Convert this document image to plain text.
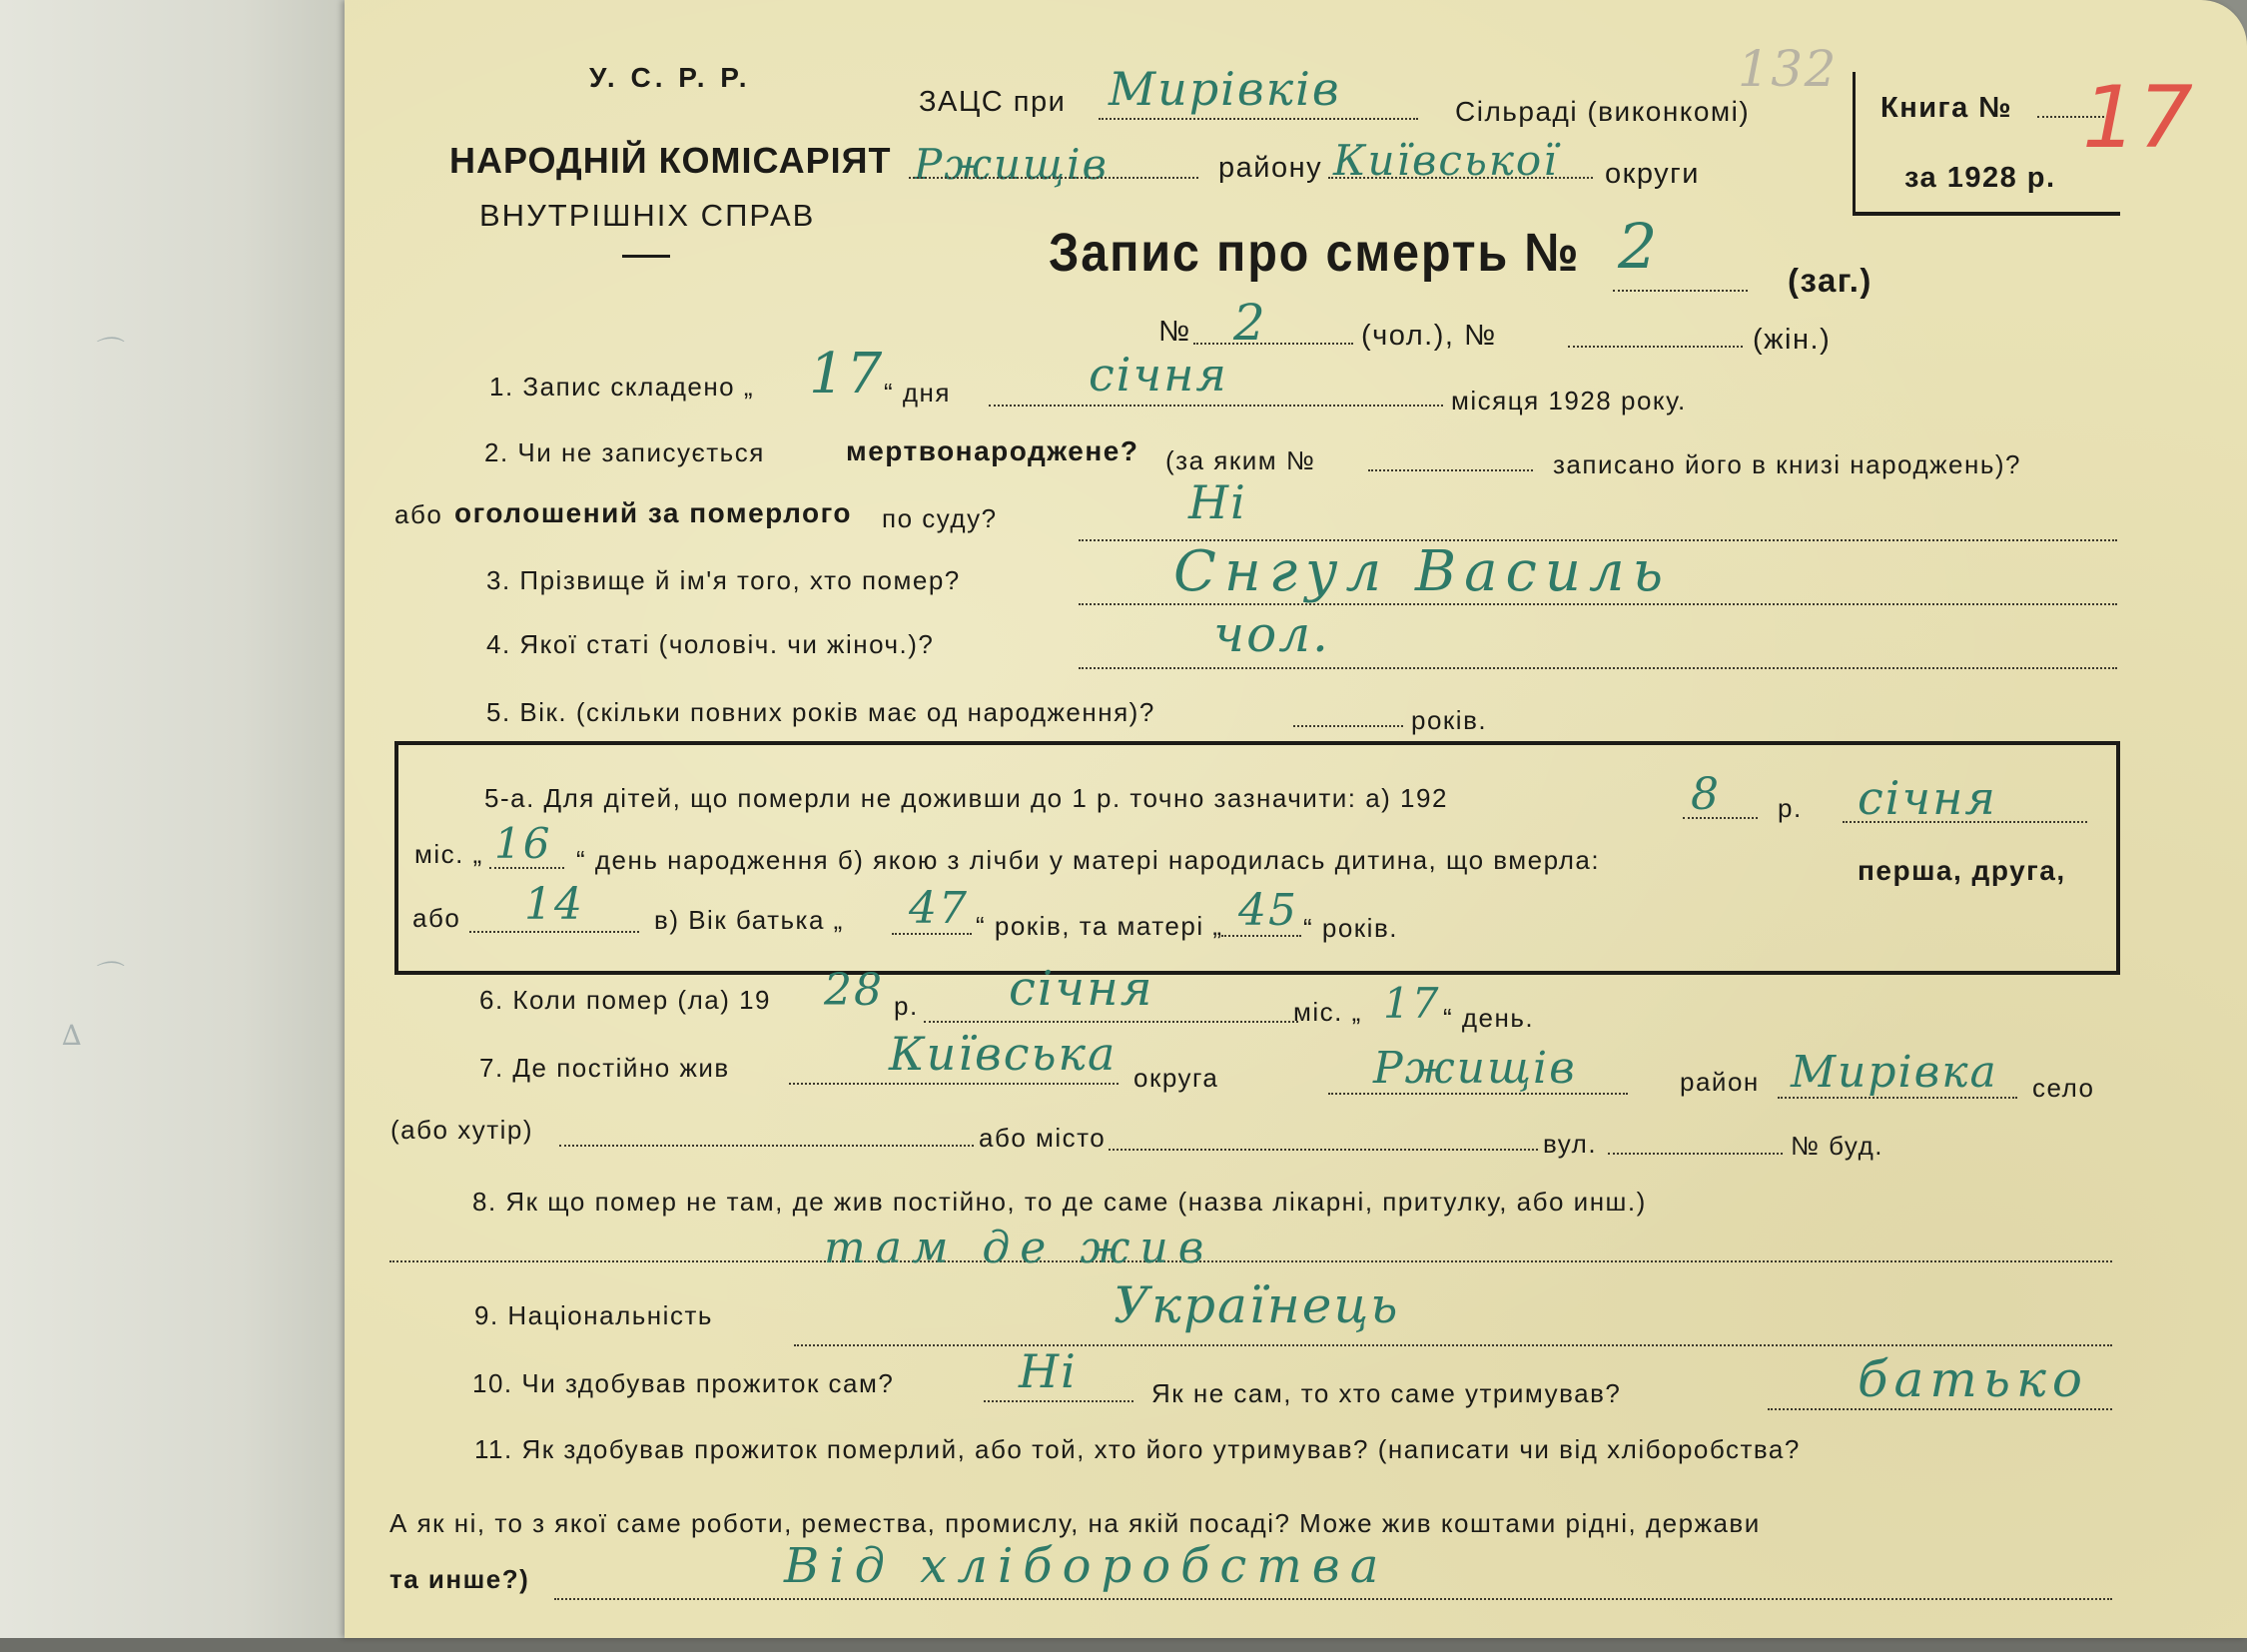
⌒
⌒
∆
У. С. Р. Р.
НАРОДНІЙ КОМІСАРІЯТ
ВНУТРІШНІХ СПРАВ
ЗАЦС при Мирівків	Сільраді (виконкомі)
Ржищів	району Київської округи
Книга №
за 1928 р.
132	17
Запис про смерть № 2	(заг.)
№ 2	(чол.), №	(жін.)
1. Запис складено „ 17 “ дня	січня	місяця 1928 року.
2. Чи не записується	мертвонароджене? (за яким №	записано його в книзі народжень)?
або оголошений за померлого по суду?	Ні
3. Прізвище й ім'я того, хто помер?	Снгул Василь
4. Якої статі (чоловіч. чи жіноч.)?	чол.
5. Вік. (скільки повних років має од народження)?	років.
5-а. Для дітей, що померли не доживши до 1 р. точно зазначити: а) 192	8 р. січня
міс. „ 16 “ день народження б) якою з лічби у матері народилась дитина, що вмерла:	перша, друга,
або 14	в) Вік батька „ 47 “ років, та матері „ 45 “ років.
6. Коли помер (ла) 19 28 р. січня	міс. „ 17 “ день.
7. Де постійно жив	Київська округа	Ржищів	район Мирівка село
(або хутір)	або місто	вул.	№ буд.
8. Як що помер не там, де жив постійно, то де саме (назва лікарні, притулку, або инш.)
там де жив
9. Національність	Українець
10. Чи здобував прожиток сам?	Ні	Як не сам, то хто саме утримував?	батько
11. Як здобував прожиток померлий, або той, хто його утримував? (написати чи від хліборобства?
А як ні, то з якої саме роботи, ремества, промислу, на якій посаді? Може жив коштами рідні, держави
та инше?)	Від хліборобства
